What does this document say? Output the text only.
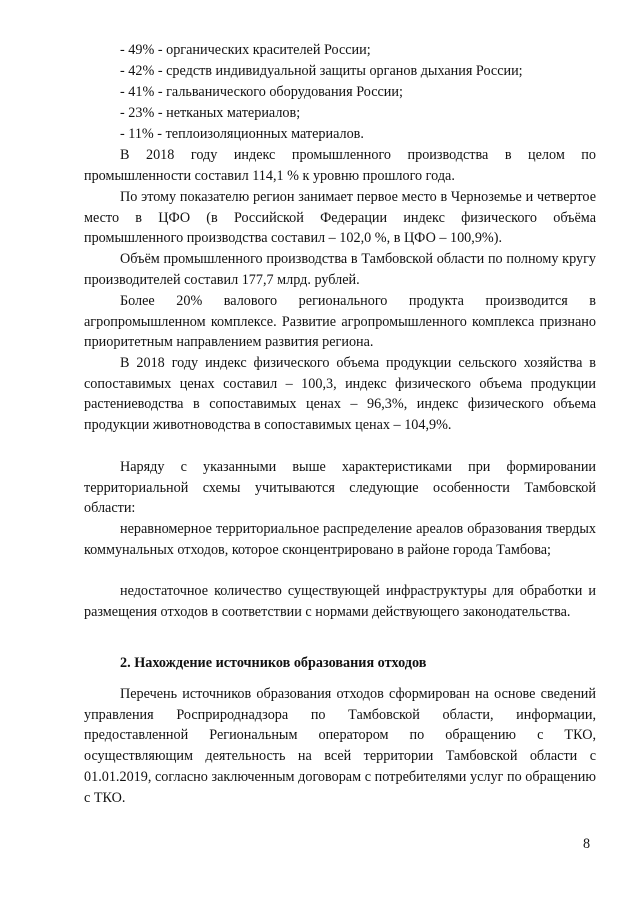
- 49% - органических красителей России;
- 42% - средств индивидуальной защиты органов дыхания России;
- 41% - гальванического оборудования России;
- 23% - нетканых материалов;
- 11% - теплоизоляционных материалов.

В 2018 году индекс промышленного производства в целом по промышленности составил 114,1 % к уровню прошлого года.

По этому показателю регион занимает первое место в Черноземье и четвертое место в ЦФО (в Российской Федерации индекс физического объёма промышленного производства составил – 102,0 %, в ЦФО – 100,9%).

Объём промышленного производства в Тамбовской области по полному кругу производителей составил 177,7 млрд. рублей.

Более 20% валового регионального продукта производится в агропромышленном комплексе. Развитие агропромышленного комплекса признано приоритетным направлением развития региона.

В 2018 году индекс физического объема продукции сельского хозяйства в сопоставимых ценах составил – 100,3, индекс физического объема продукции растениеводства в сопоставимых ценах – 96,3%, индекс физического объема продукции животноводства в сопоставимых ценах – 104,9%.

Наряду с указанными выше характеристиками при формировании территориальной схемы учитываются следующие особенности Тамбовской области:

неравномерное территориальное распределение ареалов образования твердых коммунальных отходов, которое сконцентрировано в районе города Тамбова;

недостаточное количество существующей инфраструктуры для обработки и размещения отходов в соответствии с нормами действующего законодательства.

2. Нахождение источников образования отходов

Перечень источников образования отходов сформирован на основе сведений управления Росприроднадзора по Тамбовской области, информации, предоставленной Региональным оператором по обращению с ТКО, осуществляющим деятельность на всей территории Тамбовской области с 01.01.2019, согласно заключенным договорам с потребителями услуг по обращению с ТКО.

8
